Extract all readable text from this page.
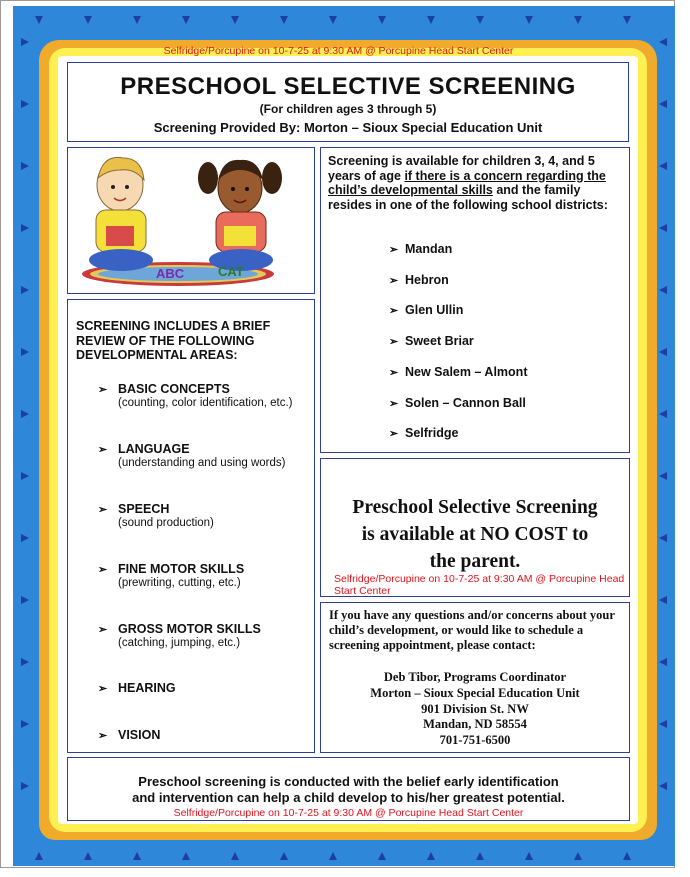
Selfridge/Porcupine on 10-7-25 at 9:30 AM @ Porcupine Head Start Center
PRESCHOOL SELECTIVE SCREENING
(For children ages 3 through 5)
Screening Provided By: Morton – Sioux Special Education Unit
ABC	CAT
Screening is available for children 3, 4, and 5 years of age if there is a concern regarding the child’s developmental skills and the family resides in one of the following school districts:
➢ Mandan
➢ Hebron
➢ Glen Ullin
➢ Sweet Briar
➢ New Salem – Almont
➢ Solen – Cannon Ball
➢ Selfridge
SCREENING INCLUDES A BRIEF REVIEW OF THE FOLLOWING DEVELOPMENTAL AREAS:
➢ BASIC CONCEPTS
(counting, color identification, etc.)
➢ LANGUAGE
(understanding and using words)
➢ SPEECH
(sound production)
➢ FINE MOTOR SKILLS
(prewriting, cutting, etc.)
➢ GROSS MOTOR SKILLS
(catching, jumping, etc.)
➢ HEARING
➢ VISION
Preschool Selective Screening
is available at NO COST to
the parent.
Selfridge/Porcupine on 10-7-25 at 9:30 AM @ Porcupine Head Start Center
If you have any questions and/or concerns about your child’s development, or would like to schedule a screening appointment, please contact:
Deb Tibor, Programs Coordinator
Morton – Sioux Special Education Unit
901 Division St. NW
Mandan, ND 58554
701-751-6500
Preschool screening is conducted with the belief early identification
and intervention can help a child develop to his/her greatest potential.
Selfridge/Porcupine on 10-7-25 at 9:30 AM @ Porcupine Head Start Center
